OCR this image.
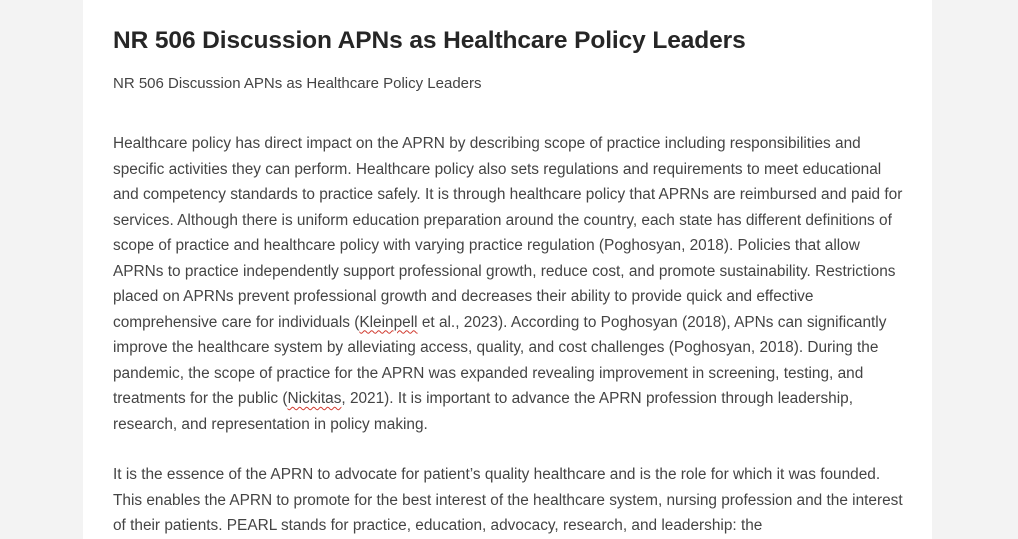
NR 506 Discussion APNs as Healthcare Policy Leaders

NR 506 Discussion APNs as Healthcare Policy Leaders

Healthcare policy has direct impact on the APRN by describing scope of practice including responsibilities and specific activities they can perform. Healthcare policy also sets regulations and requirements to meet educational and competency standards to practice safely. It is through healthcare policy that APRNs are reimbursed and paid for services. Although there is uniform education preparation around the country, each state has different definitions of scope of practice and healthcare policy with varying practice regulation (Poghosyan, 2018). Policies that allow APRNs to practice independently support professional growth, reduce cost, and promote sustainability. Restrictions placed on APRNs prevent professional growth and decreases their ability to provide quick and effective comprehensive care for individuals (Kleinpell et al., 2023). According to Poghosyan (2018), APNs can significantly improve the healthcare system by alleviating access, quality, and cost challenges (Poghosyan, 2018). During the pandemic, the scope of practice for the APRN was expanded revealing improvement in screening, testing, and treatments for the public (Nickitas, 2021). It is important to advance the APRN profession through leadership, research, and representation in policy making.

It is the essence of the APRN to advocate for patient’s quality healthcare and is the role for which it was founded. This enables the APRN to promote for the best interest of the healthcare system, nursing profession and the interest of their patients. PEARL stands for practice, education, advocacy, research, and leadership: the
